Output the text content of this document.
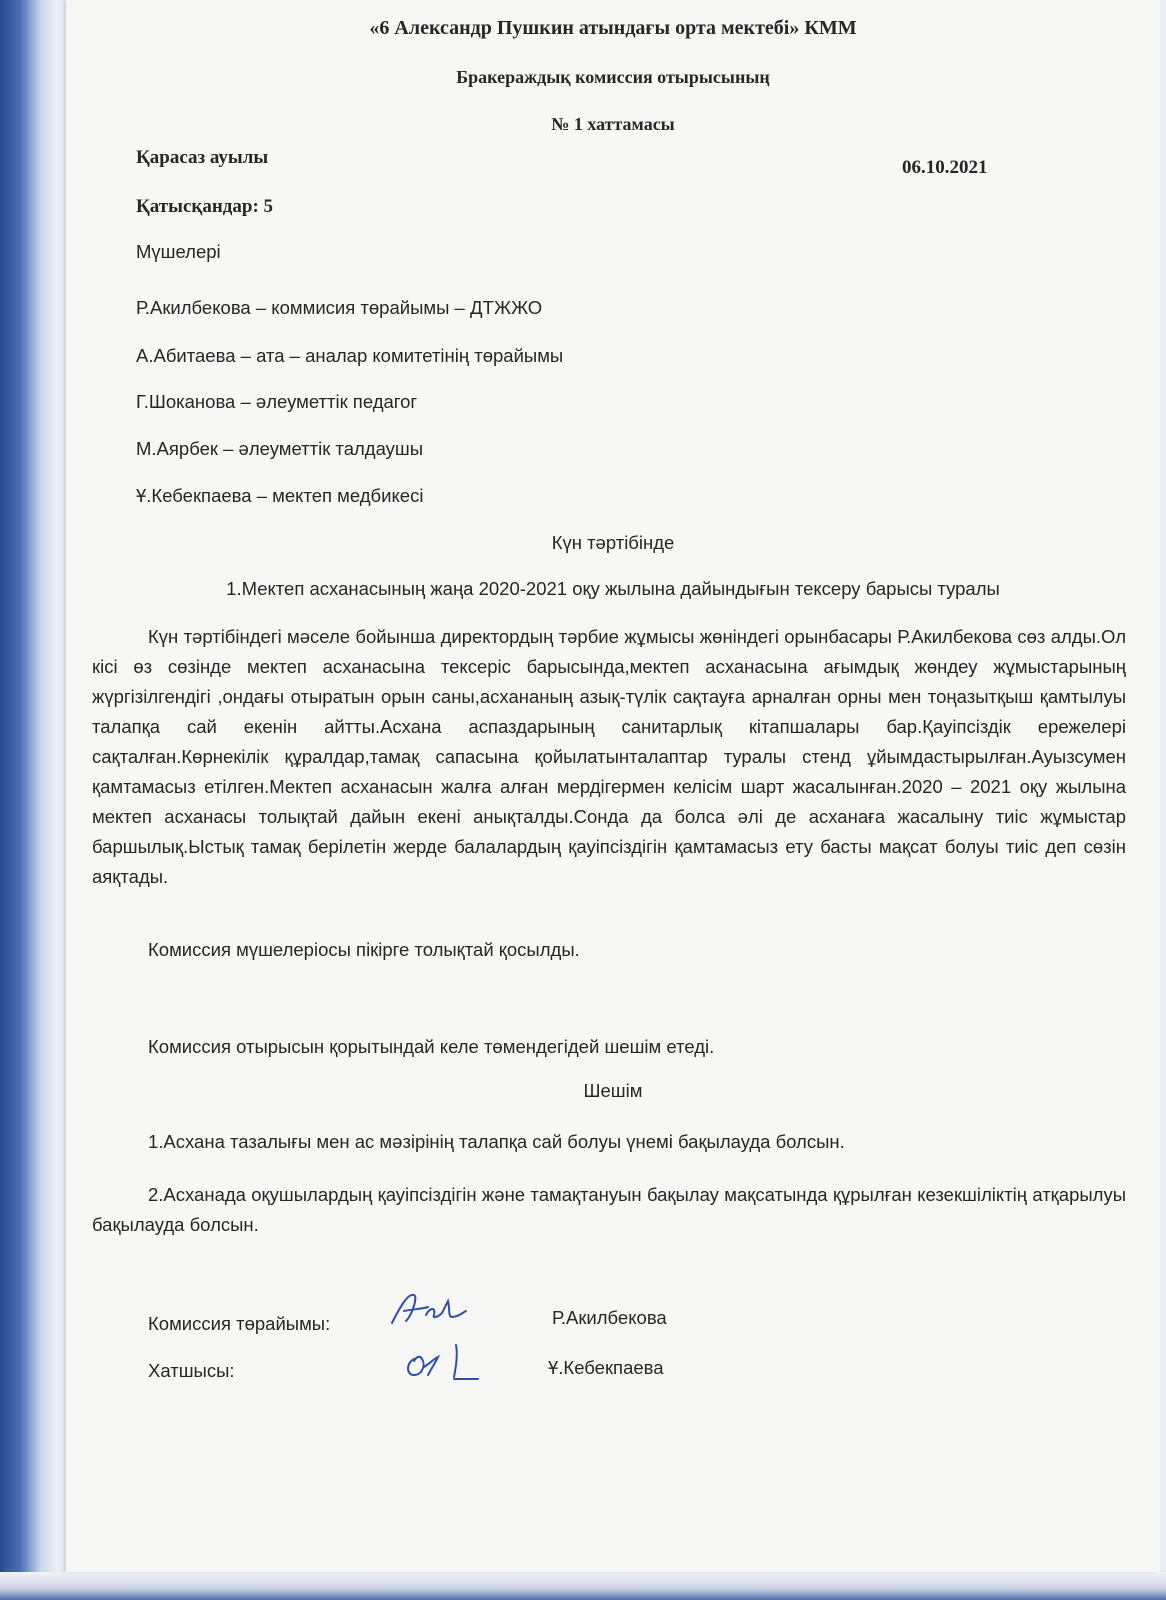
«6 Александр Пушкин атындағы орта мектебі» КММ
Бракераждық комиссия отырысының
№ 1 хаттамасы
Қарасаз ауылы	06.10.2021
Қатысқандар: 5
Мүшелері
Р.Акилбекова – коммисия төрайымы – ДТЖЖО
А.Абитаева – ата – аналар комитетінің төрайымы
Г.Шоканова – әлеуметтік педагог
М.Аярбек – әлеуметтік талдаушы
Ұ.Кебекпаева – мектеп медбикесі
Күн тәртібінде
1.Мектеп асханасының жаңа 2020-2021 оқу жылына дайындығын тексеру барысы туралы
Күн тәртібіндегі мәселе бойынша директордың тәрбие жұмысы жөніндегі орынбасары Р.Акилбекова сөз алды.Ол кісі өз сөзінде мектеп асханасына тексеріс барысында,мектеп асханасына ағымдық жөндеу жұмыстарының жүргізілгендігі ,ондағы отыратын орын саны,асхананың азық-түлік сақтауға арналған орны мен тоңазытқыш қамтылуы талапқа сай екенін айтты.Асхана аспаздарының санитарлық кітапшалары бар.Қауіпсіздік ережелері сақталған.Көрнекілік құралдар,тамақ сапасына қойылатынталаптар туралы стенд ұйымдастырылған.Ауызсумен қамтамасыз етілген.Мектеп асханасын жалға алған мердігермен келісім шарт жасалынған.2020 – 2021 оқу жылына мектеп асханасы толықтай дайын екені анықталды.Сонда да болса әлі де асханаға жасалыну тиіс жұмыстар баршылық.Ыстық тамақ берілетін жерде балалардың қауіпсіздігін қамтамасыз ету басты мақсат болуы тиіс деп сөзін аяқтады.
Комиссия мүшелеріосы пікірге толықтай қосылды.
Комиссия отырысын қорытындай келе төмендегідей шешім етеді.
Шешім
1.Асхана тазалығы мен ас мәзірінің талапқа сай болуы үнемі бақылауда болсын.
2.Асханада оқушылардың қауіпсіздігін және тамақтануын бақылау мақсатында құрылған кезекшіліктің атқарылуы бақылауда болсын.
Комиссия төрайымы:	Р.Акилбекова
Хатшысы:	Ұ.Кебекпаева
